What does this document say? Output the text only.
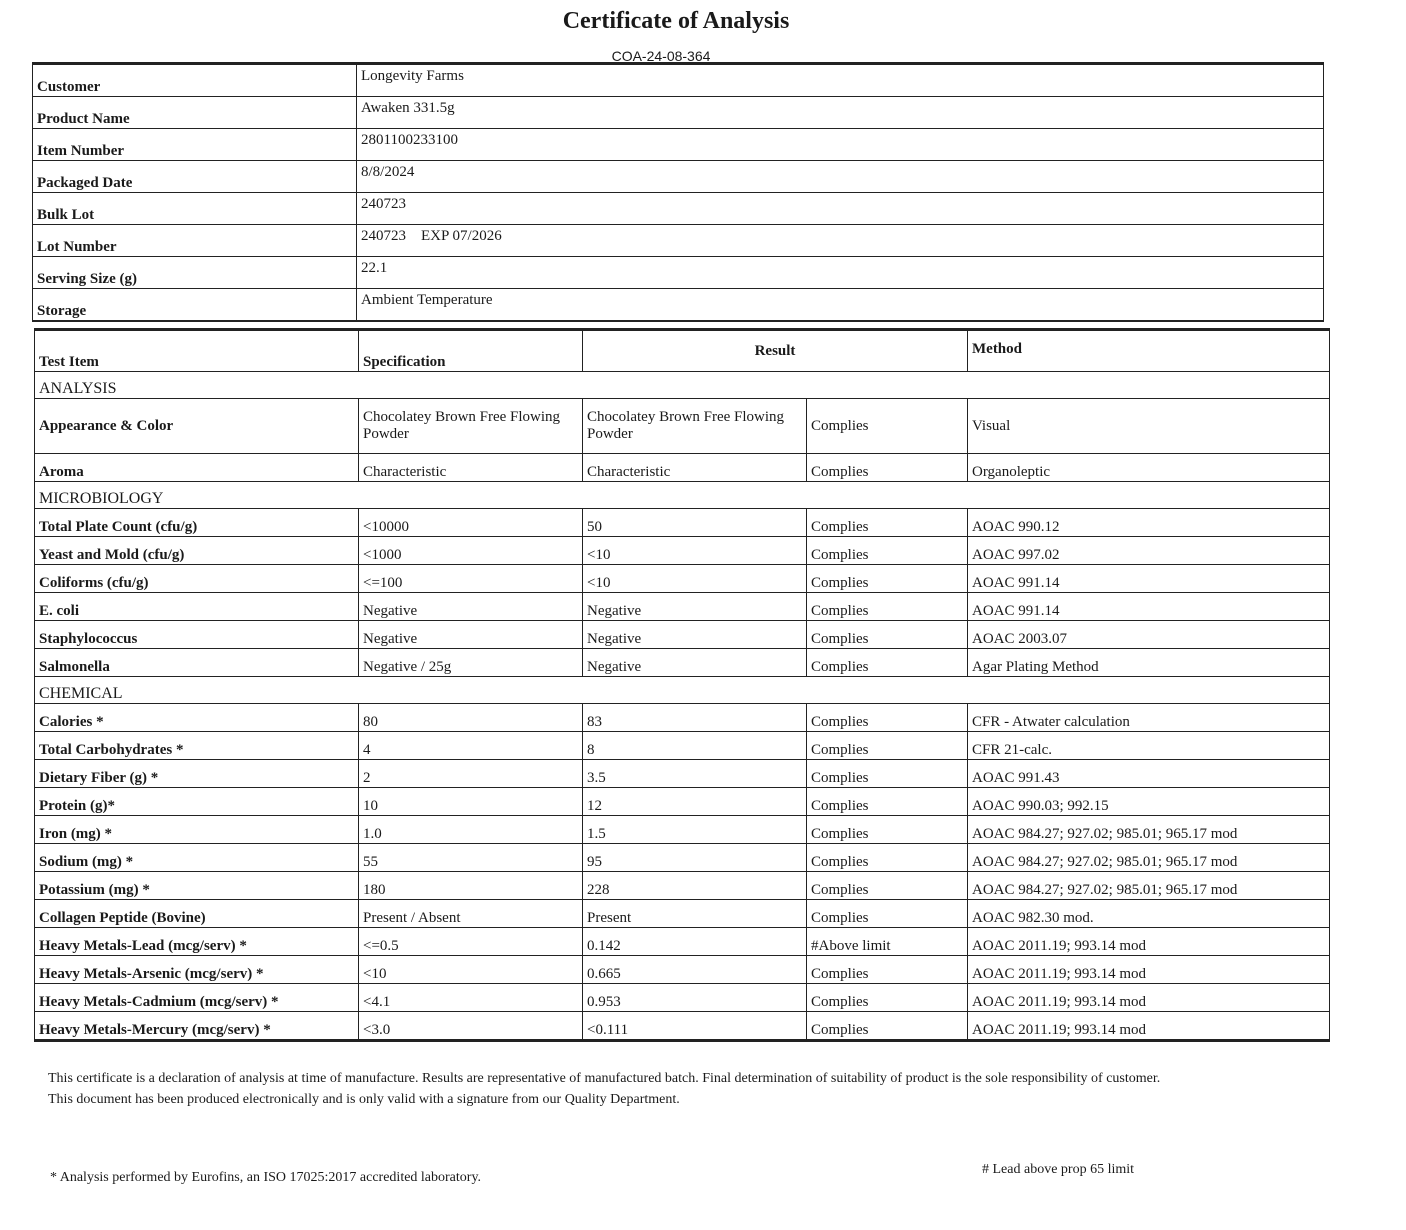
Certificate of Analysis
COA-24-08-364
Customer	Longevity Farms
Product Name	Awaken 331.5g
Item Number	2801100233100
Packaged Date	8/8/2024
Bulk Lot	240723
Lot Number	240723    EXP 07/2026
Serving Size (g)	22.1
Storage	Ambient Temperature
Test Item	Specification	Result		Method
ANALYSIS				
Appearance & Color	Chocolatey Brown Free Flowing Powder	Chocolatey Brown Free Flowing Powder	Complies	Visual
Aroma	Characteristic	Characteristic	Complies	Organoleptic
MICROBIOLOGY				
Total Plate Count (cfu/g)	<10000	50	Complies	AOAC 990.12
Yeast and Mold (cfu/g)	<1000	<10	Complies	AOAC 997.02
Coliforms (cfu/g)	<=100	<10	Complies	AOAC 991.14
E. coli	Negative	Negative	Complies	AOAC 991.14
Staphylococcus	Negative	Negative	Complies	AOAC 2003.07
Salmonella	Negative / 25g	Negative	Complies	Agar Plating Method
CHEMICAL				
Calories *	80	83	Complies	CFR - Atwater calculation
Total Carbohydrates *	4	8	Complies	CFR 21-calc.
Dietary Fiber (g) *	2	3.5	Complies	AOAC 991.43
Protein (g)*	10	12	Complies	AOAC 990.03; 992.15
Iron (mg) *	1.0	1.5	Complies	AOAC 984.27; 927.02; 985.01; 965.17 mod
Sodium (mg) *	55	95	Complies	AOAC 984.27; 927.02; 985.01; 965.17 mod
Potassium (mg) *	180	228	Complies	AOAC 984.27; 927.02; 985.01; 965.17 mod
Collagen Peptide (Bovine)	Present / Absent	Present	Complies	AOAC 982.30 mod.
Heavy Metals-Lead (mcg/serv) *	<=0.5	0.142	#Above limit	AOAC 2011.19; 993.14 mod
Heavy Metals-Arsenic (mcg/serv) *	<10	0.665	Complies	AOAC 2011.19; 993.14 mod
Heavy Metals-Cadmium (mcg/serv) *	<4.1	0.953	Complies	AOAC 2011.19; 993.14 mod
Heavy Metals-Mercury (mcg/serv) *	<3.0	<0.111	Complies	AOAC 2011.19; 993.14 mod
This certificate is a declaration of analysis at time of manufacture. Results are representative of manufactured batch. Final determination of suitability of product is the sole responsibility of customer.
This document has been produced electronically and is only valid with a signature from our Quality Department.
* Analysis performed by Eurofins, an ISO 17025:2017 accredited laboratory.
# Lead above prop 65 limit
